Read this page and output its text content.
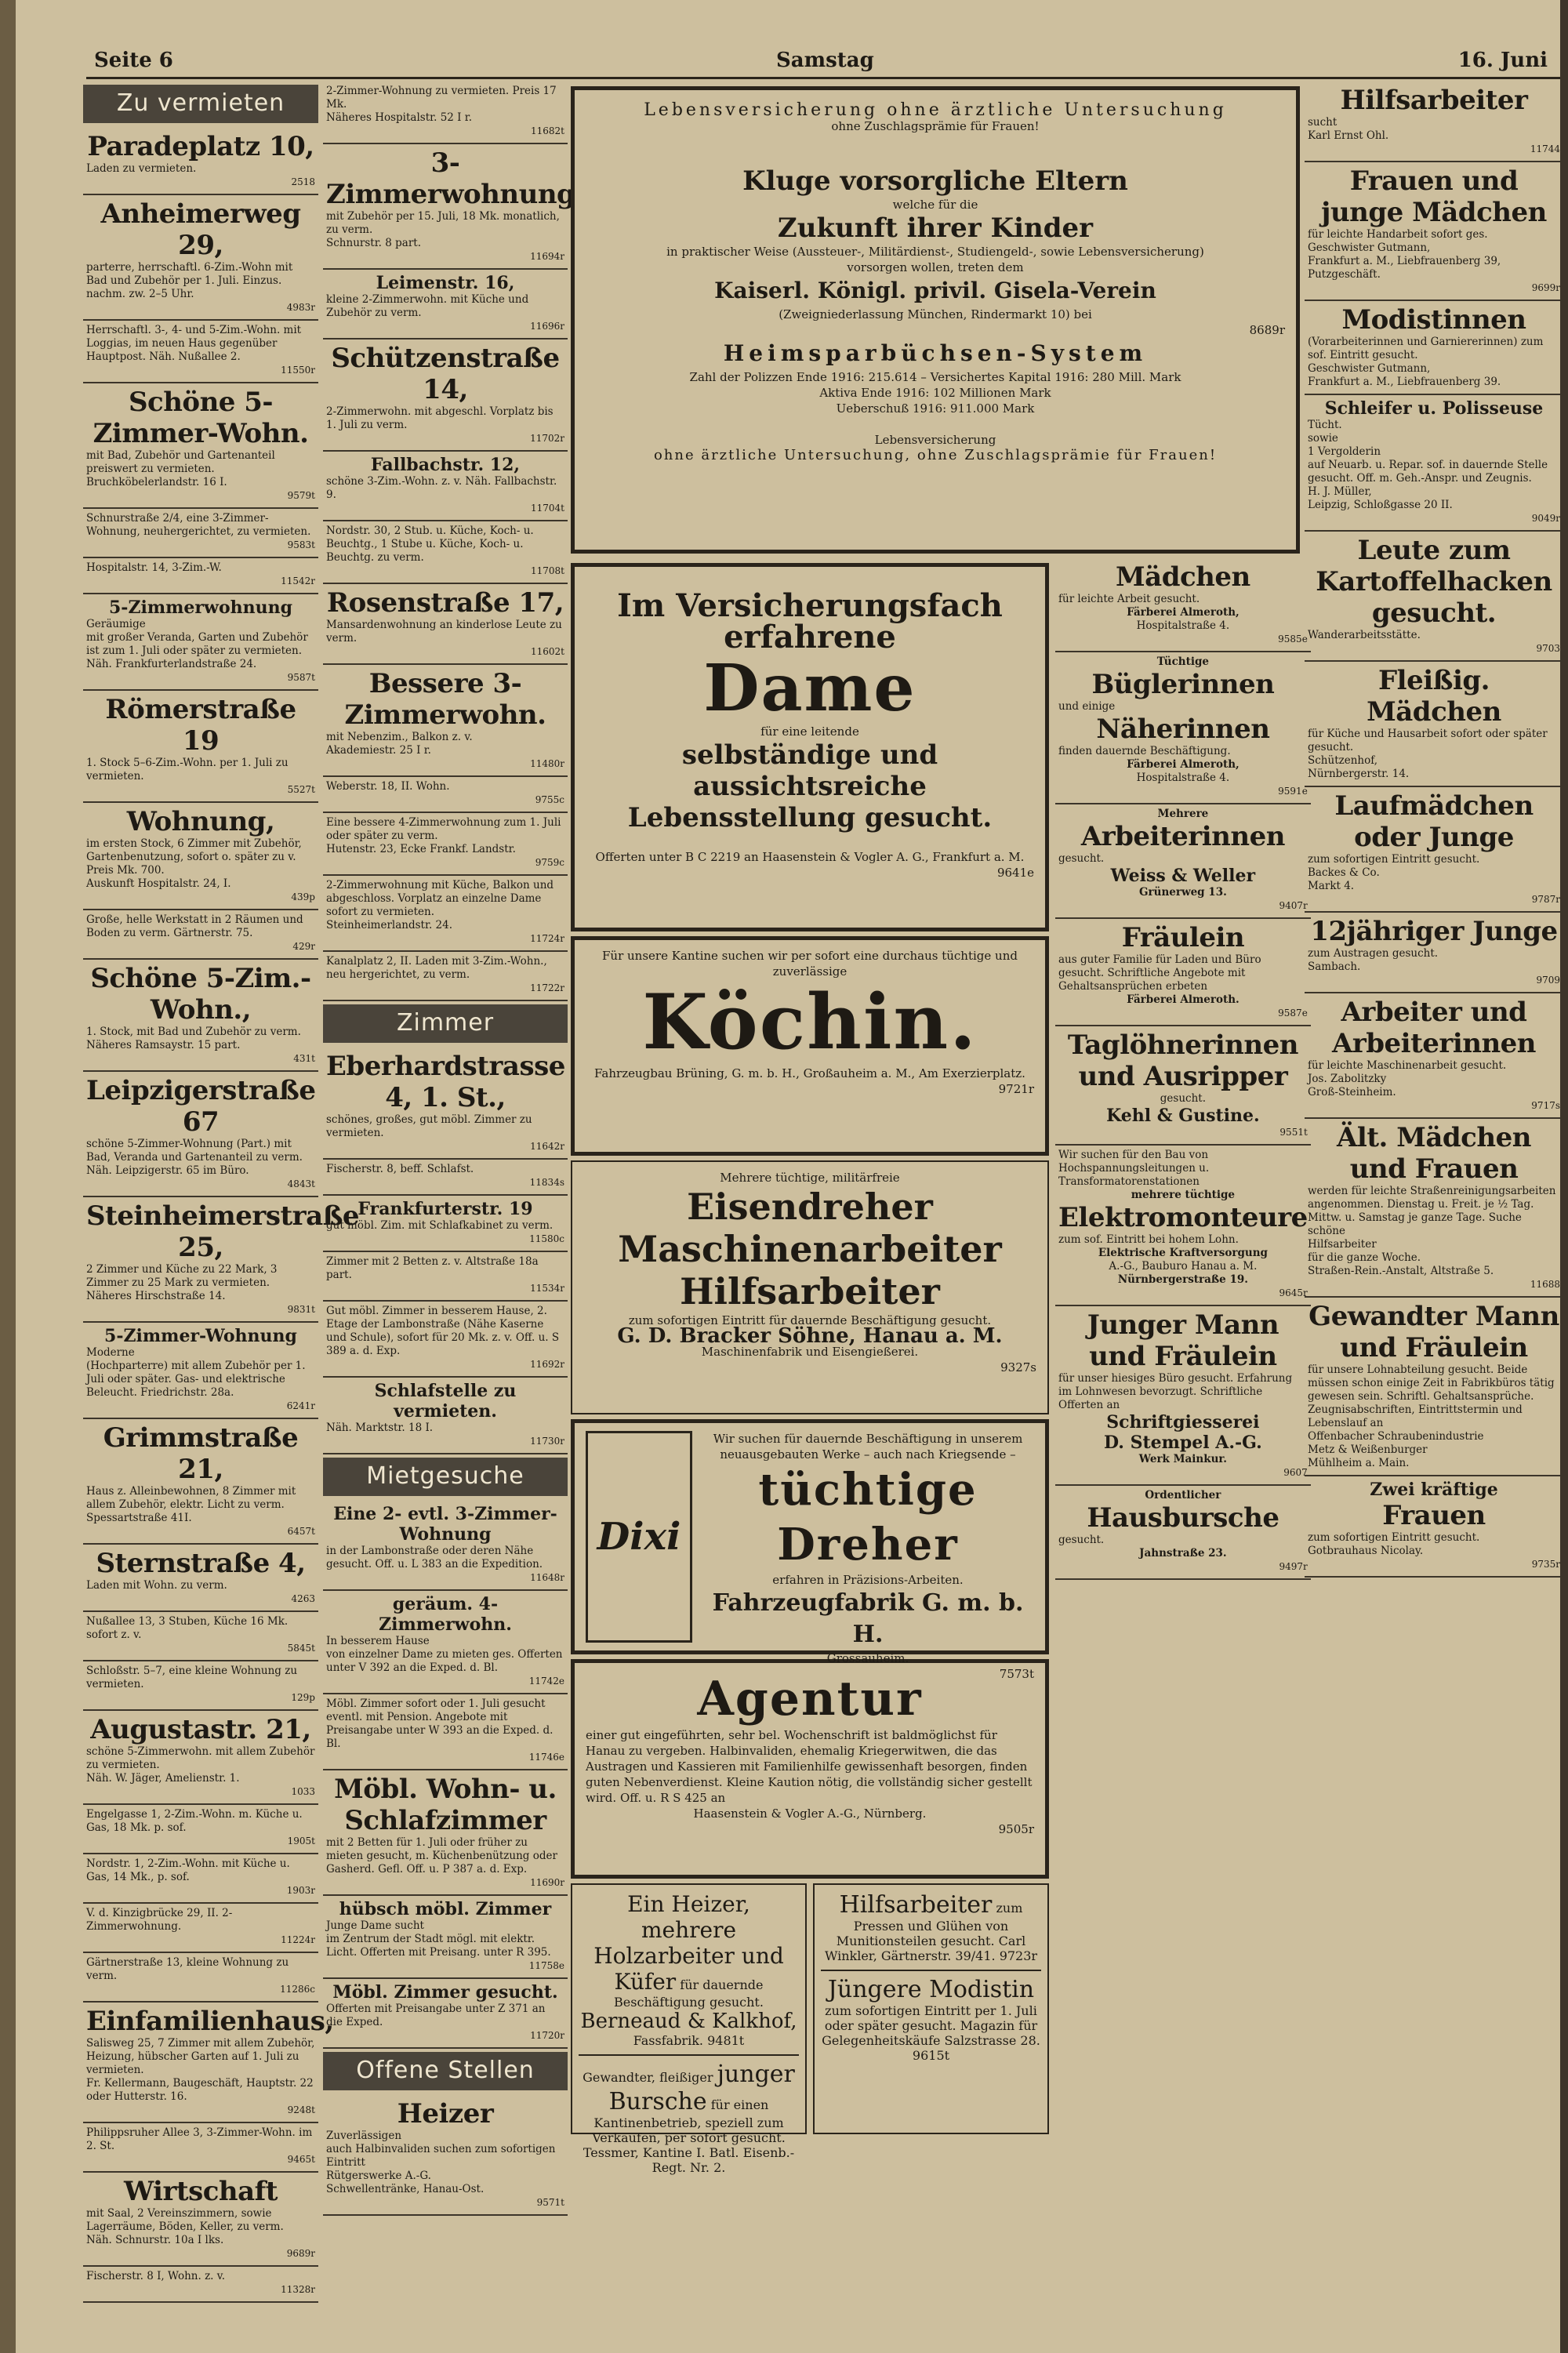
Seite 6	Samstag	16. Juni
Zu vermieten
Paradeplatz 10,
Laden zu vermieten.
2518
Anheimerweg 29,
parterre, herrschaftl. 6-Zim.-Wohn mit Bad und Zubehör per 1. Juli. Einzus. nachm. zw. 2–5 Uhr.
4983r
Herrschaftl. 3-, 4- und 5-Zim.-Wohn. mit Loggias, im neuen Haus gegenüber Hauptpost. Näh. Nußallee 2.
11550r
Schöne 5-Zimmer-Wohn.
mit Bad, Zubehör und Gartenanteil preiswert zu vermieten.
Bruchköbelerlandstr. 16 I.
9579t
Schnurstraße 2/4, eine 3-Zimmer-Wohnung, neuhergerichtet, zu vermieten.
9583t
Hospitalstr. 14, 3-Zim.-W.
11542r
5-Zimmerwohnung
Geräumige
mit großer Veranda, Garten und Zubehör ist zum 1. Juli oder später zu vermieten.
Näh. Frankfurterlandstraße 24.
9587t
Römerstraße 19
1. Stock 5–6-Zim.-Wohn. per 1. Juli zu vermieten.
5527t
Wohnung,
im ersten Stock, 6 Zimmer mit Zubehör, Gartenbenutzung, sofort o. später zu v. Preis Mk. 700.
Auskunft Hospitalstr. 24, I.
439p
Große, helle Werkstatt in 2 Räumen und Boden zu verm. Gärtnerstr. 75.
429r
Schöne 5-Zim.-Wohn.,
1. Stock, mit Bad und Zubehör zu verm.
Näheres Ramsaystr. 15 part.
431t
Leipzigerstraße 67
schöne 5-Zimmer-Wohnung (Part.) mit Bad, Veranda und Gartenanteil zu verm.
Näh. Leipzigerstr. 65 im Büro.
4843t
Steinheimerstraße 25,
2 Zimmer und Küche zu 22 Mark, 3 Zimmer zu 25 Mark zu vermieten.
Näheres Hirschstraße 14.
9831t
5-Zimmer-Wohnung
Moderne
(Hochparterre) mit allem Zubehör per 1. Juli oder später. Gas- und elektrische Beleucht. Friedrichstr. 28a.
6241r
Grimmstraße 21,
Haus z. Alleinbewohnen, 8 Zimmer mit allem Zubehör, elektr. Licht zu verm. Spessartstraße 41I.
6457t
Sternstraße 4,
Laden mit Wohn. zu verm.
4263
Nußallee 13, 3 Stuben, Küche 16 Mk. sofort z. v.
5845t
Schloßstr. 5–7, eine kleine Wohnung zu vermieten.
129p
Augustastr. 21,
schöne 5-Zimmerwohn. mit allem Zubehör zu vermieten.
Näh. W. Jäger, Amelienstr. 1.
1033
Engelgasse 1, 2-Zim.-Wohn. m. Küche u. Gas, 18 Mk. p. sof.
1905t
Nordstr. 1, 2-Zim.-Wohn. mit Küche u. Gas, 14 Mk., p. sof.
1903r
V. d. Kinzigbrücke 29, II. 2-Zimmerwohnung.
11224r
Gärtnerstraße 13, kleine Wohnung zu verm.
11286c
Einfamilienhaus,
Salisweg 25, 7 Zimmer mit allem Zubehör, Heizung, hübscher Garten auf 1. Juli zu vermieten.
Fr. Kellermann, Baugeschäft, Hauptstr. 22 oder Hutterstr. 16.
9248t
Philippsruher Allee 3, 3-Zimmer-Wohn. im 2. St.
9465t
Wirtschaft
mit Saal, 2 Vereinszimmern, sowie Lagerräume, Böden, Keller, zu verm.
Näh. Schnurstr. 10a I lks.
9689r
Fischerstr. 8 I, Wohn. z. v.
11328r
2-Zimmer-Wohnung zu vermieten. Preis 17 Mk.
Näheres Hospitalstr. 52 I r.
11682t
3-Zimmerwohnung
mit Zubehör per 15. Juli, 18 Mk. monatlich, zu verm.
Schnurstr. 8 part.
11694r
Leimenstr. 16,
kleine 2-Zimmerwohn. mit Küche und Zubehör zu verm.
11696r
Schützenstraße 14,
2-Zimmerwohn. mit abgeschl. Vorplatz bis 1. Juli zu verm.
11702r
Fallbachstr. 12,
schöne 3-Zim.-Wohn. z. v. Näh. Fallbachstr. 9.
11704t
Nordstr. 30, 2 Stub. u. Küche, Koch- u. Beuchtg., 1 Stube u. Küche, Koch- u. Beuchtg. zu verm.
11708t
Rosenstraße 17,
Mansardenwohnung an kinderlose Leute zu verm.
11602t
Bessere 3-Zimmerwohn.
mit Nebenzim., Balkon z. v.
Akademiestr. 25 I r.
11480r
Weberstr. 18, II. Wohn.
9755c
Eine bessere 4-Zimmerwohnung zum 1. Juli oder später zu verm.
Hutenstr. 23, Ecke Frankf. Landstr.
9759c
2-Zimmerwohnung mit Küche, Balkon und abgeschloss. Vorplatz an einzelne Dame sofort zu vermieten.
Steinheimerlandstr. 24.
11724r
Kanalplatz 2, II. Laden mit 3-Zim.-Wohn., neu hergerichtet, zu verm.
11722r
Zimmer
Eberhardstrasse 4, 1. St.,
schönes, großes, gut möbl. Zimmer zu vermieten.
11642r
Fischerstr. 8, beff. Schlafst.
11834s
Frankfurterstr. 19
gut möbl. Zim. mit Schlafkabinet zu verm.
11580c
Zimmer mit 2 Betten z. v. Altstraße 18a part.
11534r
Gut möbl. Zimmer in besserem Hause, 2. Etage der Lambonstraße (Nähe Kaserne und Schule), sofort für 20 Mk. z. v. Off. u. S 389 a. d. Exp.
11692r
Schlafstelle zu vermieten.
Näh. Marktstr. 18 I.
11730r
Mietgesuche
Eine 2- evtl. 3-Zimmer-Wohnung
in der Lambonstraße oder deren Nähe gesucht. Off. u. L 383 an die Expedition.
11648r
geräum. 4-Zimmerwohn.
In besserem Hause
von einzelner Dame zu mieten ges. Offerten unter V 392 an die Exped. d. Bl.
11742e
Möbl. Zimmer sofort oder 1. Juli gesucht eventl. mit Pension. Angebote mit Preisangabe unter W 393 an die Exped. d. Bl.
11746e
Möbl. Wohn- u. Schlafzimmer
mit 2 Betten für 1. Juli oder früher zu mieten gesucht, m. Küchenbenützung oder Gasherd. Gefl. Off. u. P 387 a. d. Exp.
11690r
hübsch möbl. Zimmer
Junge Dame sucht
im Zentrum der Stadt mögl. mit elektr. Licht. Offerten mit Preisang. unter R 395.
11758e
Möbl. Zimmer gesucht.
Offerten mit Preisangabe unter Z 371 an die Exped.
11720r
Offene Stellen
Heizer
Zuverlässigen
auch Halbinvaliden suchen zum sofortigen Eintritt
Rütgerswerke A.-G.
Schwellentränke, Hanau-Ost.
9571t
Lebensversicherung ohne ärztliche Untersuchung
ohne Zuschlagsprämie für Frauen!
Kluge vorsorgliche Eltern
welche für die
Zukunft ihrer Kinder
in praktischer Weise (Aussteuer-, Militärdienst-, Studiengeld-, sowie Lebensversicherung) vorsorgen wollen, treten dem
Kaiserl. Königl. privil. Gisela-Verein
(Zweigniederlassung München, Rindermarkt 10) bei
8689r
Heimsparbüchsen-System
Zahl der Polizzen Ende 1916: 215.614 – Versichertes Kapital 1916: 280 Mill. Mark
Aktiva Ende 1916: 102 Millionen Mark
Ueberschuß 1916: 911.000 Mark
Lebensversicherung
ohne ärztliche Untersuchung, ohne Zuschlagsprämie für Frauen!
Im Versicherungsfach erfahrene
Dame
für eine leitende
selbständige und aussichtsreiche
Lebensstellung gesucht.
Offerten unter B C 2219 an Haasenstein & Vogler A. G., Frankfurt a. M.
9641e
Für unsere Kantine suchen wir per sofort eine durchaus tüchtige und zuverlässige
Köchin.
Fahrzeugbau Brüning, G. m. b. H., Großauheim a. M., Am Exerzierplatz.
9721r
Mehrere tüchtige, militärfreie
Eisendreher
Maschinenarbeiter
Hilfsarbeiter
zum sofortigen Eintritt für dauernde Beschäftigung gesucht.
G. D. Bracker Söhne, Hanau a. M.
Maschinenfabrik und Eisengießerei.
9327s
Dixi
Wir suchen für dauernde Beschäftigung in unserem neuausgebauten Werke – auch nach Kriegsende –
tüchtige Dreher
erfahren in Präzisions-Arbeiten.
Fahrzeugfabrik G. m. b. H.
Grossauheim.
7573t
Agentur
einer gut eingeführten, sehr bel. Wochenschrift ist baldmöglichst für Hanau zu vergeben. Halbinvaliden, ehemalig Kriegerwitwen, die das Austragen und Kassieren mit Familienhilfe gewissenhaft besorgen, finden guten Nebenverdienst. Kleine Kaution nötig, die vollständig sicher gestellt wird. Off. u. R S 425 an
Haasenstein & Vogler A.-G., Nürnberg.
9505r
Ein Heizer, mehrere Holzarbeiter und Küfer für dauernde Beschäftigung gesucht. Berneaud & Kalkhof, Fassfabrik. 9481t
Gewandter, fleißiger junger Bursche für einen Kantinenbetrieb, speziell zum Verkaufen, per sofort gesucht. Tessmer, Kantine I. Batl. Eisenb.-Regt. Nr. 2.
Hilfsarbeiter zum Pressen und Glühen von Munitionsteilen gesucht. Carl Winkler, Gärtnerstr. 39/41. 9723r
Jüngere Modistin zum sofortigen Eintritt per 1. Juli oder später gesucht. Magazin für Gelegenheitskäufe Salzstrasse 28. 9615t
Mädchen
für leichte Arbeit gesucht.
Färberei Almeroth,
Hospitalstraße 4.
9585e
Tüchtige
Büglerinnen
und einige
Näherinnen
finden dauernde Beschäftigung.
Färberei Almeroth,
Hospitalstraße 4.
9591e
Mehrere
Arbeiterinnen
gesucht.
Weiss & Weller
Grünerweg 13.
9407r
Fräulein
aus guter Familie für Laden und Büro gesucht. Schriftliche Angebote mit Gehaltsansprüchen erbeten
Färberei Almeroth.
9587e
Taglöhnerinnen und Ausripper
gesucht.
Kehl & Gustine.
9551t
Wir suchen für den Bau von Hochspannungsleitungen u. Transformatorenstationen
mehrere tüchtige
Elektromonteure
zum sof. Eintritt bei hohem Lohn.
Elektrische Kraftversorgung
A.-G., Bauburo Hanau a. M.
Nürnbergerstraße 19.
9645r
Junger Mann und Fräulein
für unser hiesiges Büro gesucht. Erfahrung im Lohnwesen bevorzugt. Schriftliche Offerten an
Schriftgiesserei
D. Stempel A.-G.
Werk Mainkur.
9607
Ordentlicher
Hausbursche
gesucht.
Jahnstraße 23.
9497r
Hilfsarbeiter
sucht
Karl Ernst Ohl.
11744
Frauen und junge Mädchen
für leichte Handarbeit sofort ges.
Geschwister Gutmann,
Frankfurt a. M., Liebfrauenberg 39, Putzgeschäft.
9699r
Modistinnen
(Vorarbeiterinnen und Garniererinnen) zum sof. Eintritt gesucht.
Geschwister Gutmann,
Frankfurt a. M., Liebfrauenberg 39.
Schleifer u. Polisseuse
Tücht.
sowie
1 Vergolderin
auf Neuarb. u. Repar. sof. in dauernde Stelle gesucht. Off. m. Geh.-Anspr. und Zeugnis.
H. J. Müller,
Leipzig, Schloßgasse 20 II.
9049r
Leute zum Kartoffelhacken gesucht.
Wanderarbeitsstätte.
9703
Fleißig. Mädchen
für Küche und Hausarbeit sofort oder später gesucht.
Schützenhof,
Nürnbergerstr. 14.
Laufmädchen oder Junge
zum sofortigen Eintritt gesucht.
Backes & Co.
Markt 4.
9787r
12jähriger Junge
zum Austragen gesucht.
Sambach.
9709
Arbeiter und Arbeiterinnen
für leichte Maschinenarbeit gesucht.
Jos. Zabolitzky
Groß-Steinheim.
9717s
Ält. Mädchen und Frauen
werden für leichte Straßenreinigungsarbeiten angenommen. Dienstag u. Freit. je ½ Tag. Mittw. u. Samstag je ganze Tage. Suche schöne
Hilfsarbeiter
für die ganze Woche.
Straßen-Rein.-Anstalt, Altstraße 5.
11688
Gewandter Mann und Fräulein
für unsere Lohnabteilung gesucht. Beide müssen schon einige Zeit in Fabrikbüros tätig gewesen sein. Schriftl. Gehaltsansprüche. Zeugnisabschriften, Eintrittstermin und Lebenslauf an
Offenbacher Schraubenindustrie
Metz & Weißenburger
Mühlheim a. Main.
Zwei kräftige
Frauen
zum sofortigen Eintritt gesucht.
Gotbrauhaus Nicolay.
9735r
